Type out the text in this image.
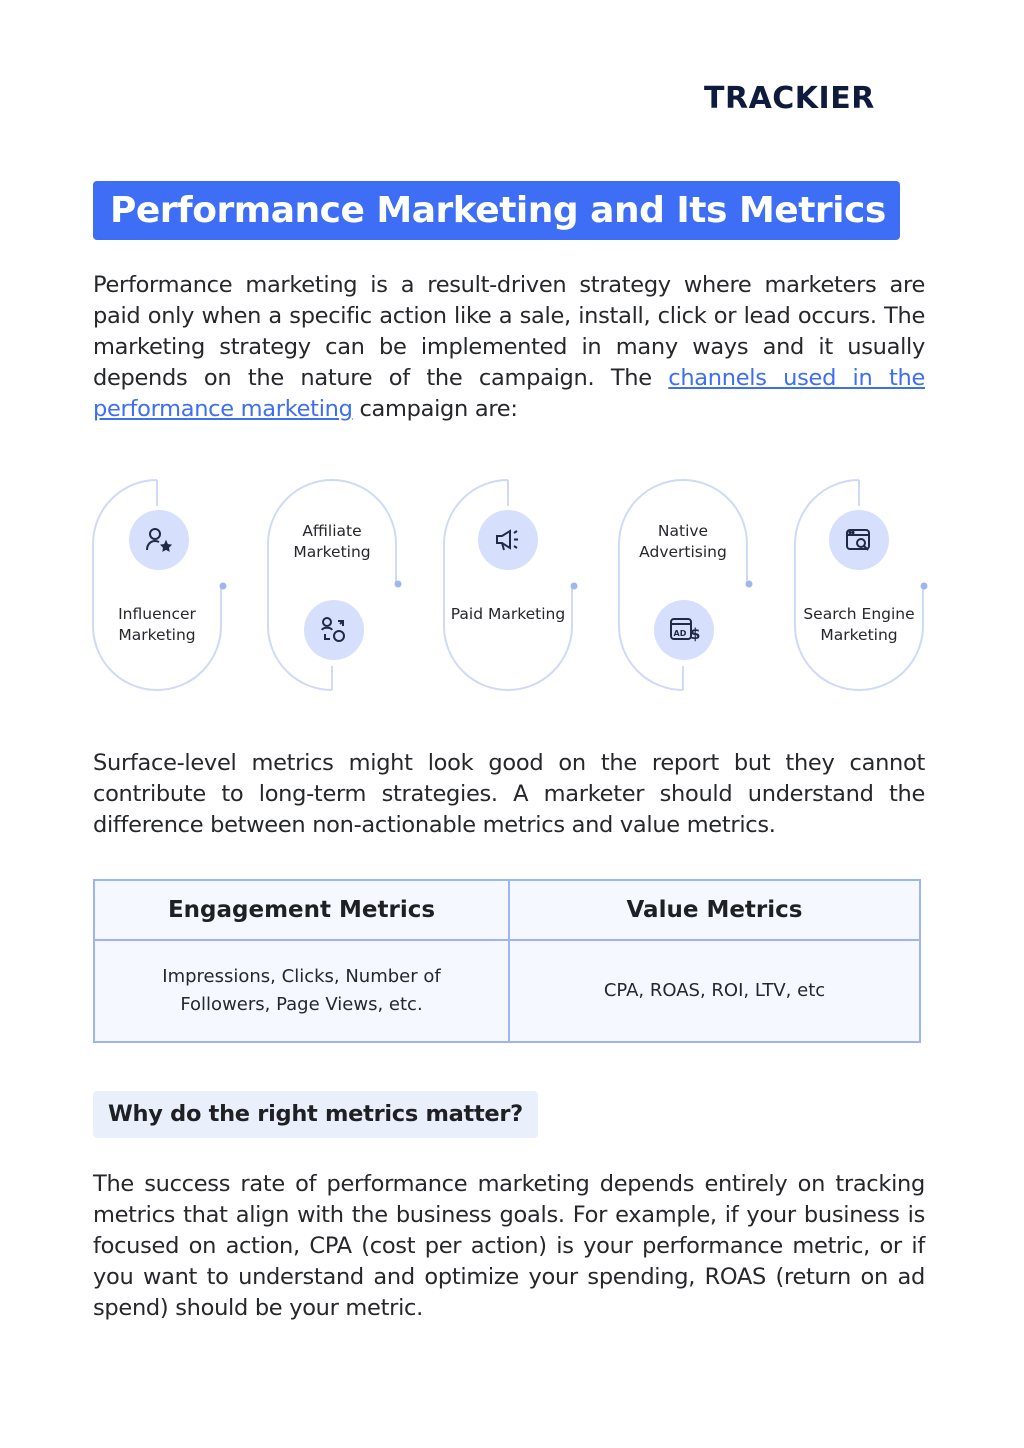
TRACKIER
Performance Marketing and Its Metrics

Performance marketing is a result-driven strategy where marketers are paid only when a specific action like a sale, install, click or lead occurs. The marketing strategy can be implemented in many ways and it usually depends on the nature of the campaign. The channels used in the performance marketing campaign are:

Influencer Marketing
Affiliate Marketing
Paid Marketing
Native Advertising
AD $
Search Engine Marketing

Surface-level metrics might look good on the report but they cannot contribute to long-term strategies. A marketer should understand the difference between non-actionable metrics and value metrics.

Engagement Metrics	Value Metrics
Impressions, Clicks, Number of Followers, Page Views, etc.	CPA, ROAS, ROI, LTV, etc
Why do the right metrics matter?

The success rate of performance marketing depends entirely on tracking metrics that align with the business goals. For example, if your business is focused on action, CPA (cost per action) is your performance metric, or if you want to understand and optimize your spending, ROAS (return on ad spend) should be your metric.
